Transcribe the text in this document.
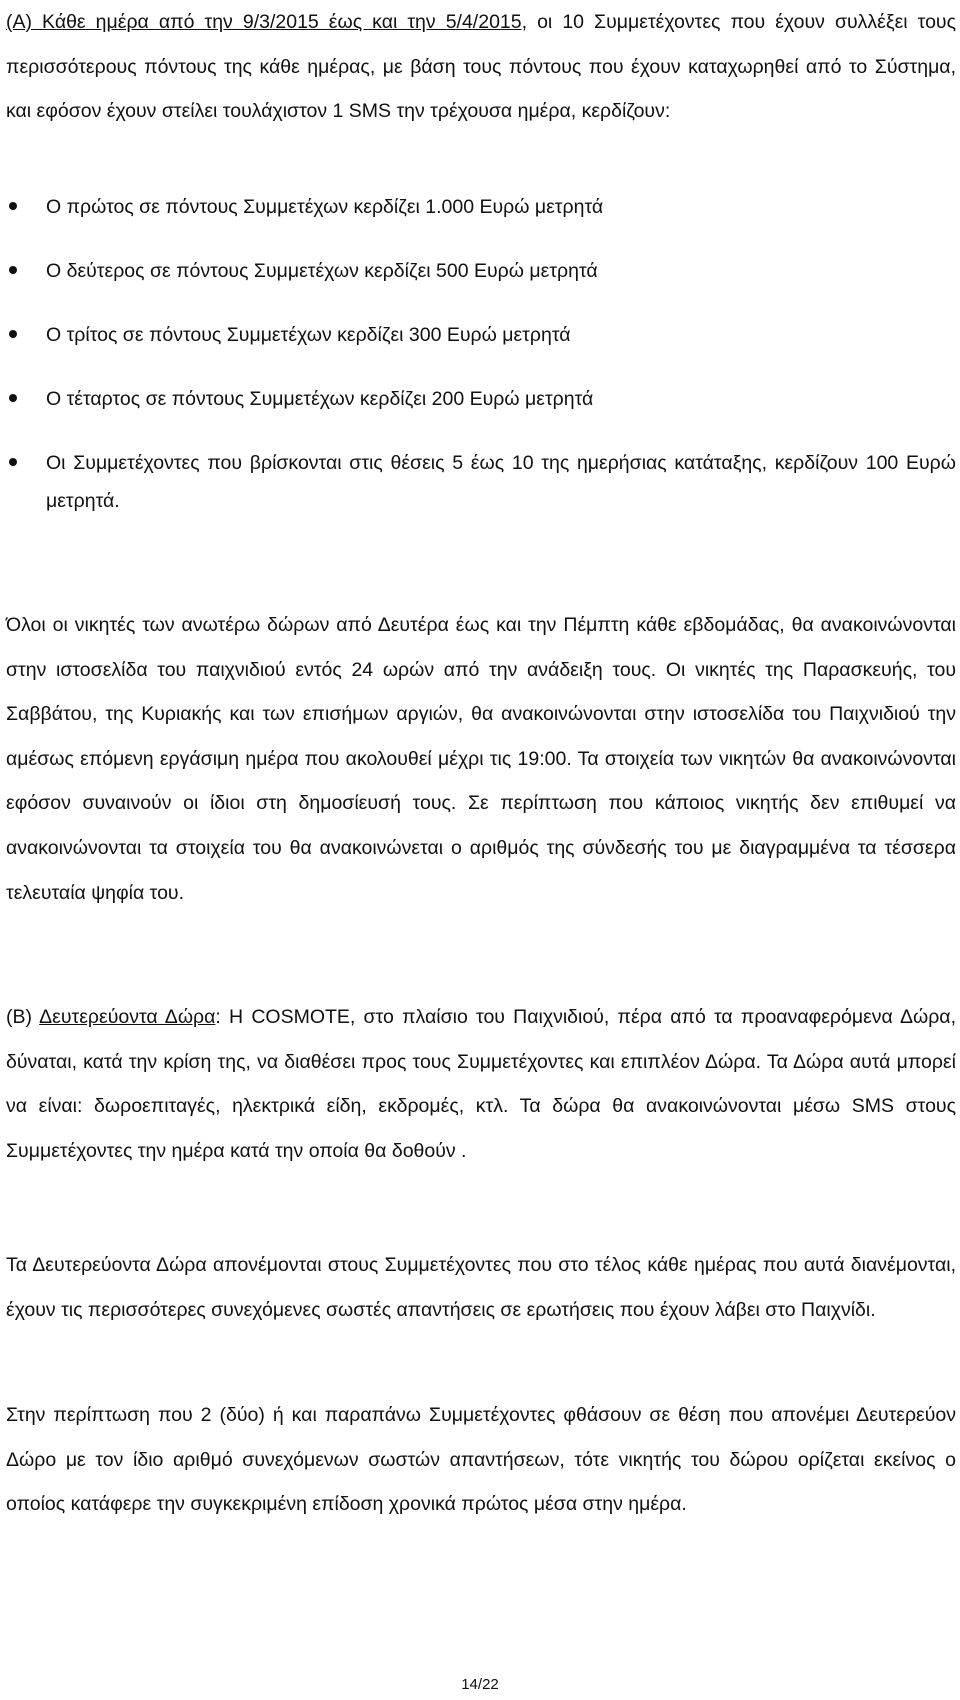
(Α) Κάθε ημέρα από την 9/3/2015 έως και την 5/4/2015, οι 10 Συμμετέχοντες που έχουν συλλέξει τους περισσότερους πόντους της κάθε ημέρας, με βάση τους πόντους που έχουν καταχωρηθεί από το Σύστημα, και εφόσον έχουν στείλει τουλάχιστον 1 SMS την τρέχουσα ημέρα, κερδίζουν:
Ο πρώτος σε πόντους Συμμετέχων κερδίζει 1.000 Ευρώ μετρητά
Ο δεύτερος σε πόντους Συμμετέχων κερδίζει 500 Ευρώ μετρητά
Ο τρίτος σε πόντους Συμμετέχων κερδίζει 300 Ευρώ μετρητά
Ο τέταρτος σε πόντους Συμμετέχων κερδίζει 200 Ευρώ μετρητά
Οι Συμμετέχοντες που βρίσκονται στις θέσεις 5 έως 10 της ημερήσιας κατάταξης, κερδίζουν 100 Ευρώ μετρητά.

Όλοι οι νικητές των ανωτέρω δώρων από Δευτέρα έως και την Πέμπτη κάθε εβδομάδας, θα ανακοινώνονται στην ιστοσελίδα του παιχνιδιού εντός 24 ωρών από την ανάδειξη τους. Οι νικητές της Παρασκευής, του Σαββάτου, της Κυριακής και των επισήμων αργιών, θα ανακοινώνονται στην ιστοσελίδα του Παιχνιδιού την αμέσως επόμενη εργάσιμη ημέρα που ακολουθεί μέχρι τις 19:00. Τα στοιχεία των νικητών θα ανακοινώνονται εφόσον συναινούν οι ίδιοι στη δημοσίευσή τους. Σε περίπτωση που κάποιος νικητής δεν επιθυμεί να ανακοινώνονται τα στοιχεία του θα ανακοινώνεται ο αριθμός της σύνδεσής του με διαγραμμένα τα τέσσερα τελευταία ψηφία του.

(Β) Δευτερεύοντα Δώρα: Η COSMOTE, στο πλαίσιο του Παιχνιδιού, πέρα από τα προαναφερόμενα Δώρα, δύναται, κατά την κρίση της, να διαθέσει προς τους Συμμετέχοντες και επιπλέον Δώρα. Τα Δώρα αυτά μπορεί να είναι: δωροεπιταγές, ηλεκτρικά είδη, εκδρομές, κτλ. Τα δώρα θα ανακοινώνονται μέσω SMS στους Συμμετέχοντες την ημέρα κατά την οποία θα δοθούν .

Τα Δευτερεύοντα Δώρα απονέμονται στους Συμμετέχοντες που στο τέλος κάθε ημέρας που αυτά διανέμονται, έχουν τις περισσότερες συνεχόμενες σωστές απαντήσεις σε ερωτήσεις που έχουν λάβει στο Παιχνίδι.

Στην περίπτωση που 2 (δύο) ή και παραπάνω Συμμετέχοντες φθάσουν σε θέση που απονέμει Δευτερεύον Δώρο με τον ίδιο αριθμό συνεχόμενων σωστών απαντήσεων, τότε νικητής του δώρου ορίζεται εκείνος ο οποίος κατάφερε την συγκεκριμένη επίδοση χρονικά πρώτος μέσα στην ημέρα.

14/22
